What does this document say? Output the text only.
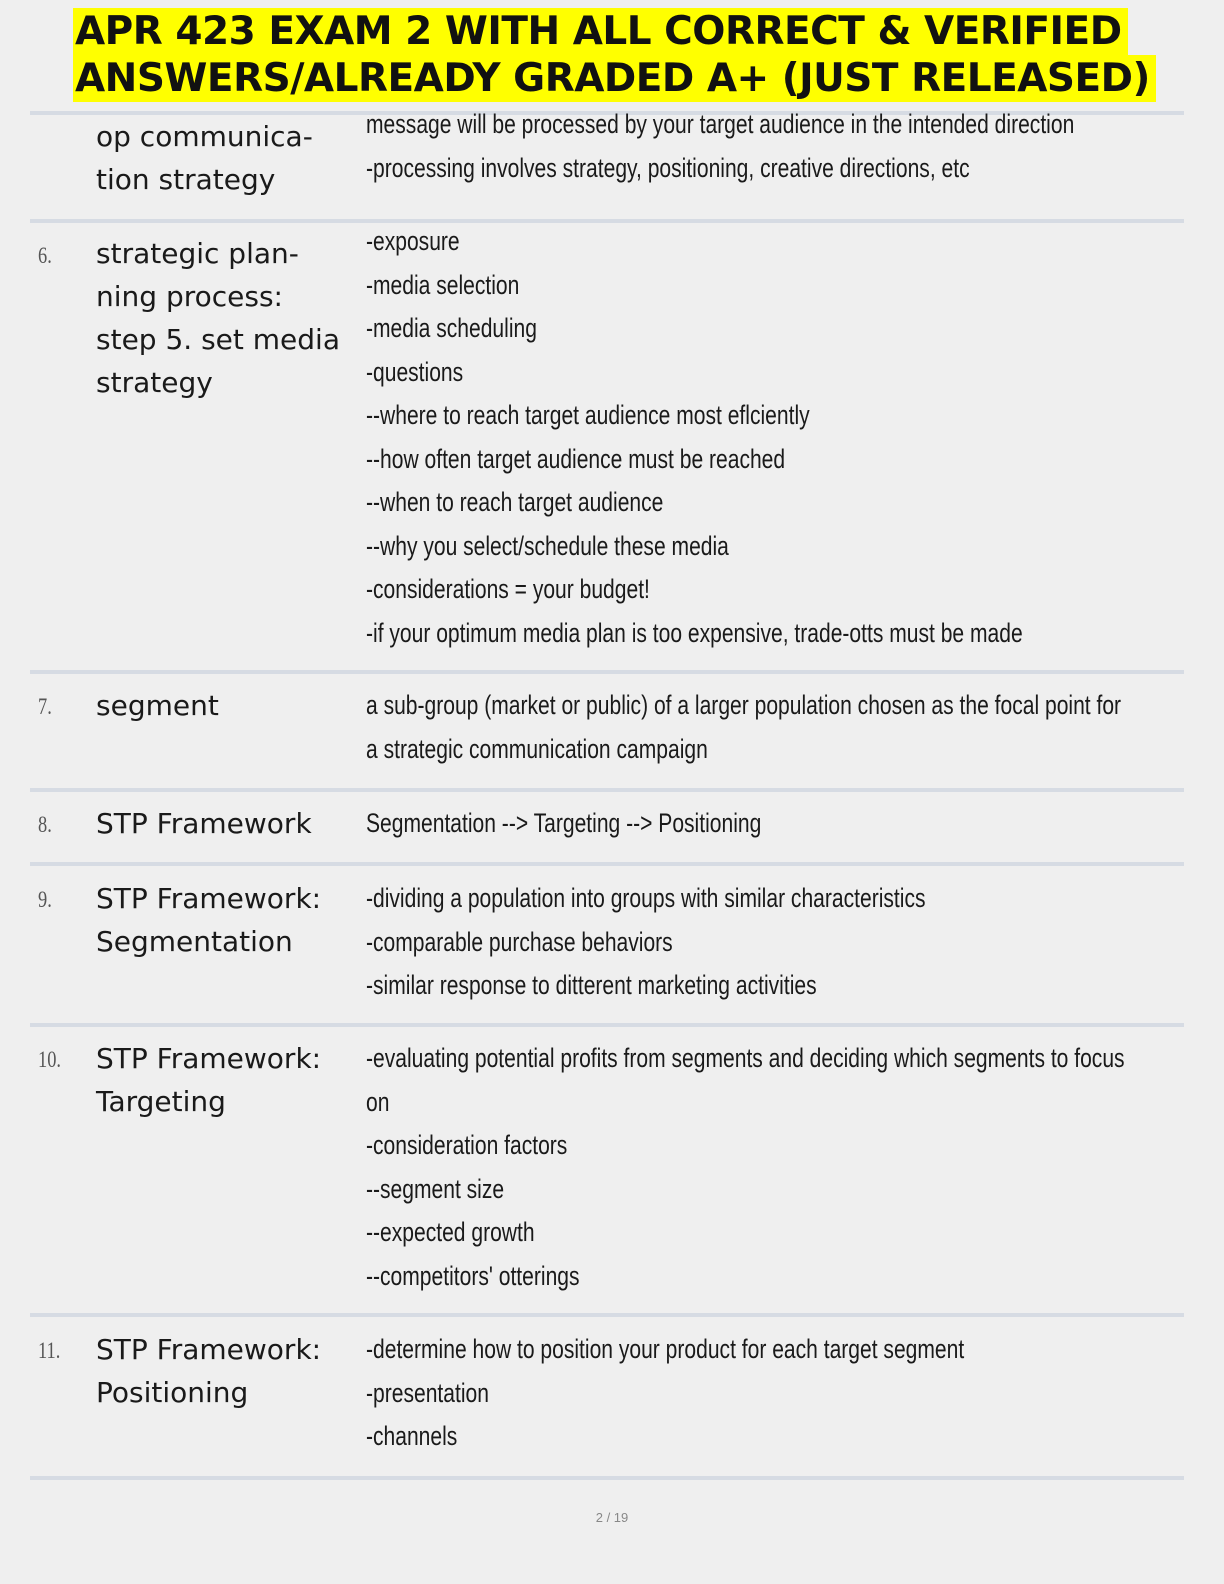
APR 423 EXAM 2 WITH ALL CORRECT & VERIFIED
ANSWERS/ALREADY GRADED A+ (JUST RELEASED)
op communica-
tion strategy
message will be processed by your target audience in the intended direction
-processing involves strategy, positioning, creative directions, etc
6. strategic plan-
ning process:
step 5. set media
strategy
-exposure
-media selection
-media scheduling
-questions
--where to reach target audience most eflciently
--how often target audience must be reached
--when to reach target audience
--why you select/schedule these media
-considerations = your budget!
-if your optimum media plan is too expensive, trade-otts must be made
7. segment	a sub-group (market or public) of a larger population chosen as the focal point for
a strategic communication campaign
8. STP Framework	Segmentation --> Targeting --> Positioning
9. STP Framework:
Segmentation
-dividing a population into groups with similar characteristics
-comparable purchase behaviors
-similar response to ditterent marketing activities
10. STP Framework:
Targeting
-evaluating potential profits from segments and deciding which segments to focus
on
-consideration factors
--segment size
--expected growth
--competitors' otterings
11. STP Framework:
Positioning
-determine how to position your product for each target segment
-presentation
-channels
2 / 19
